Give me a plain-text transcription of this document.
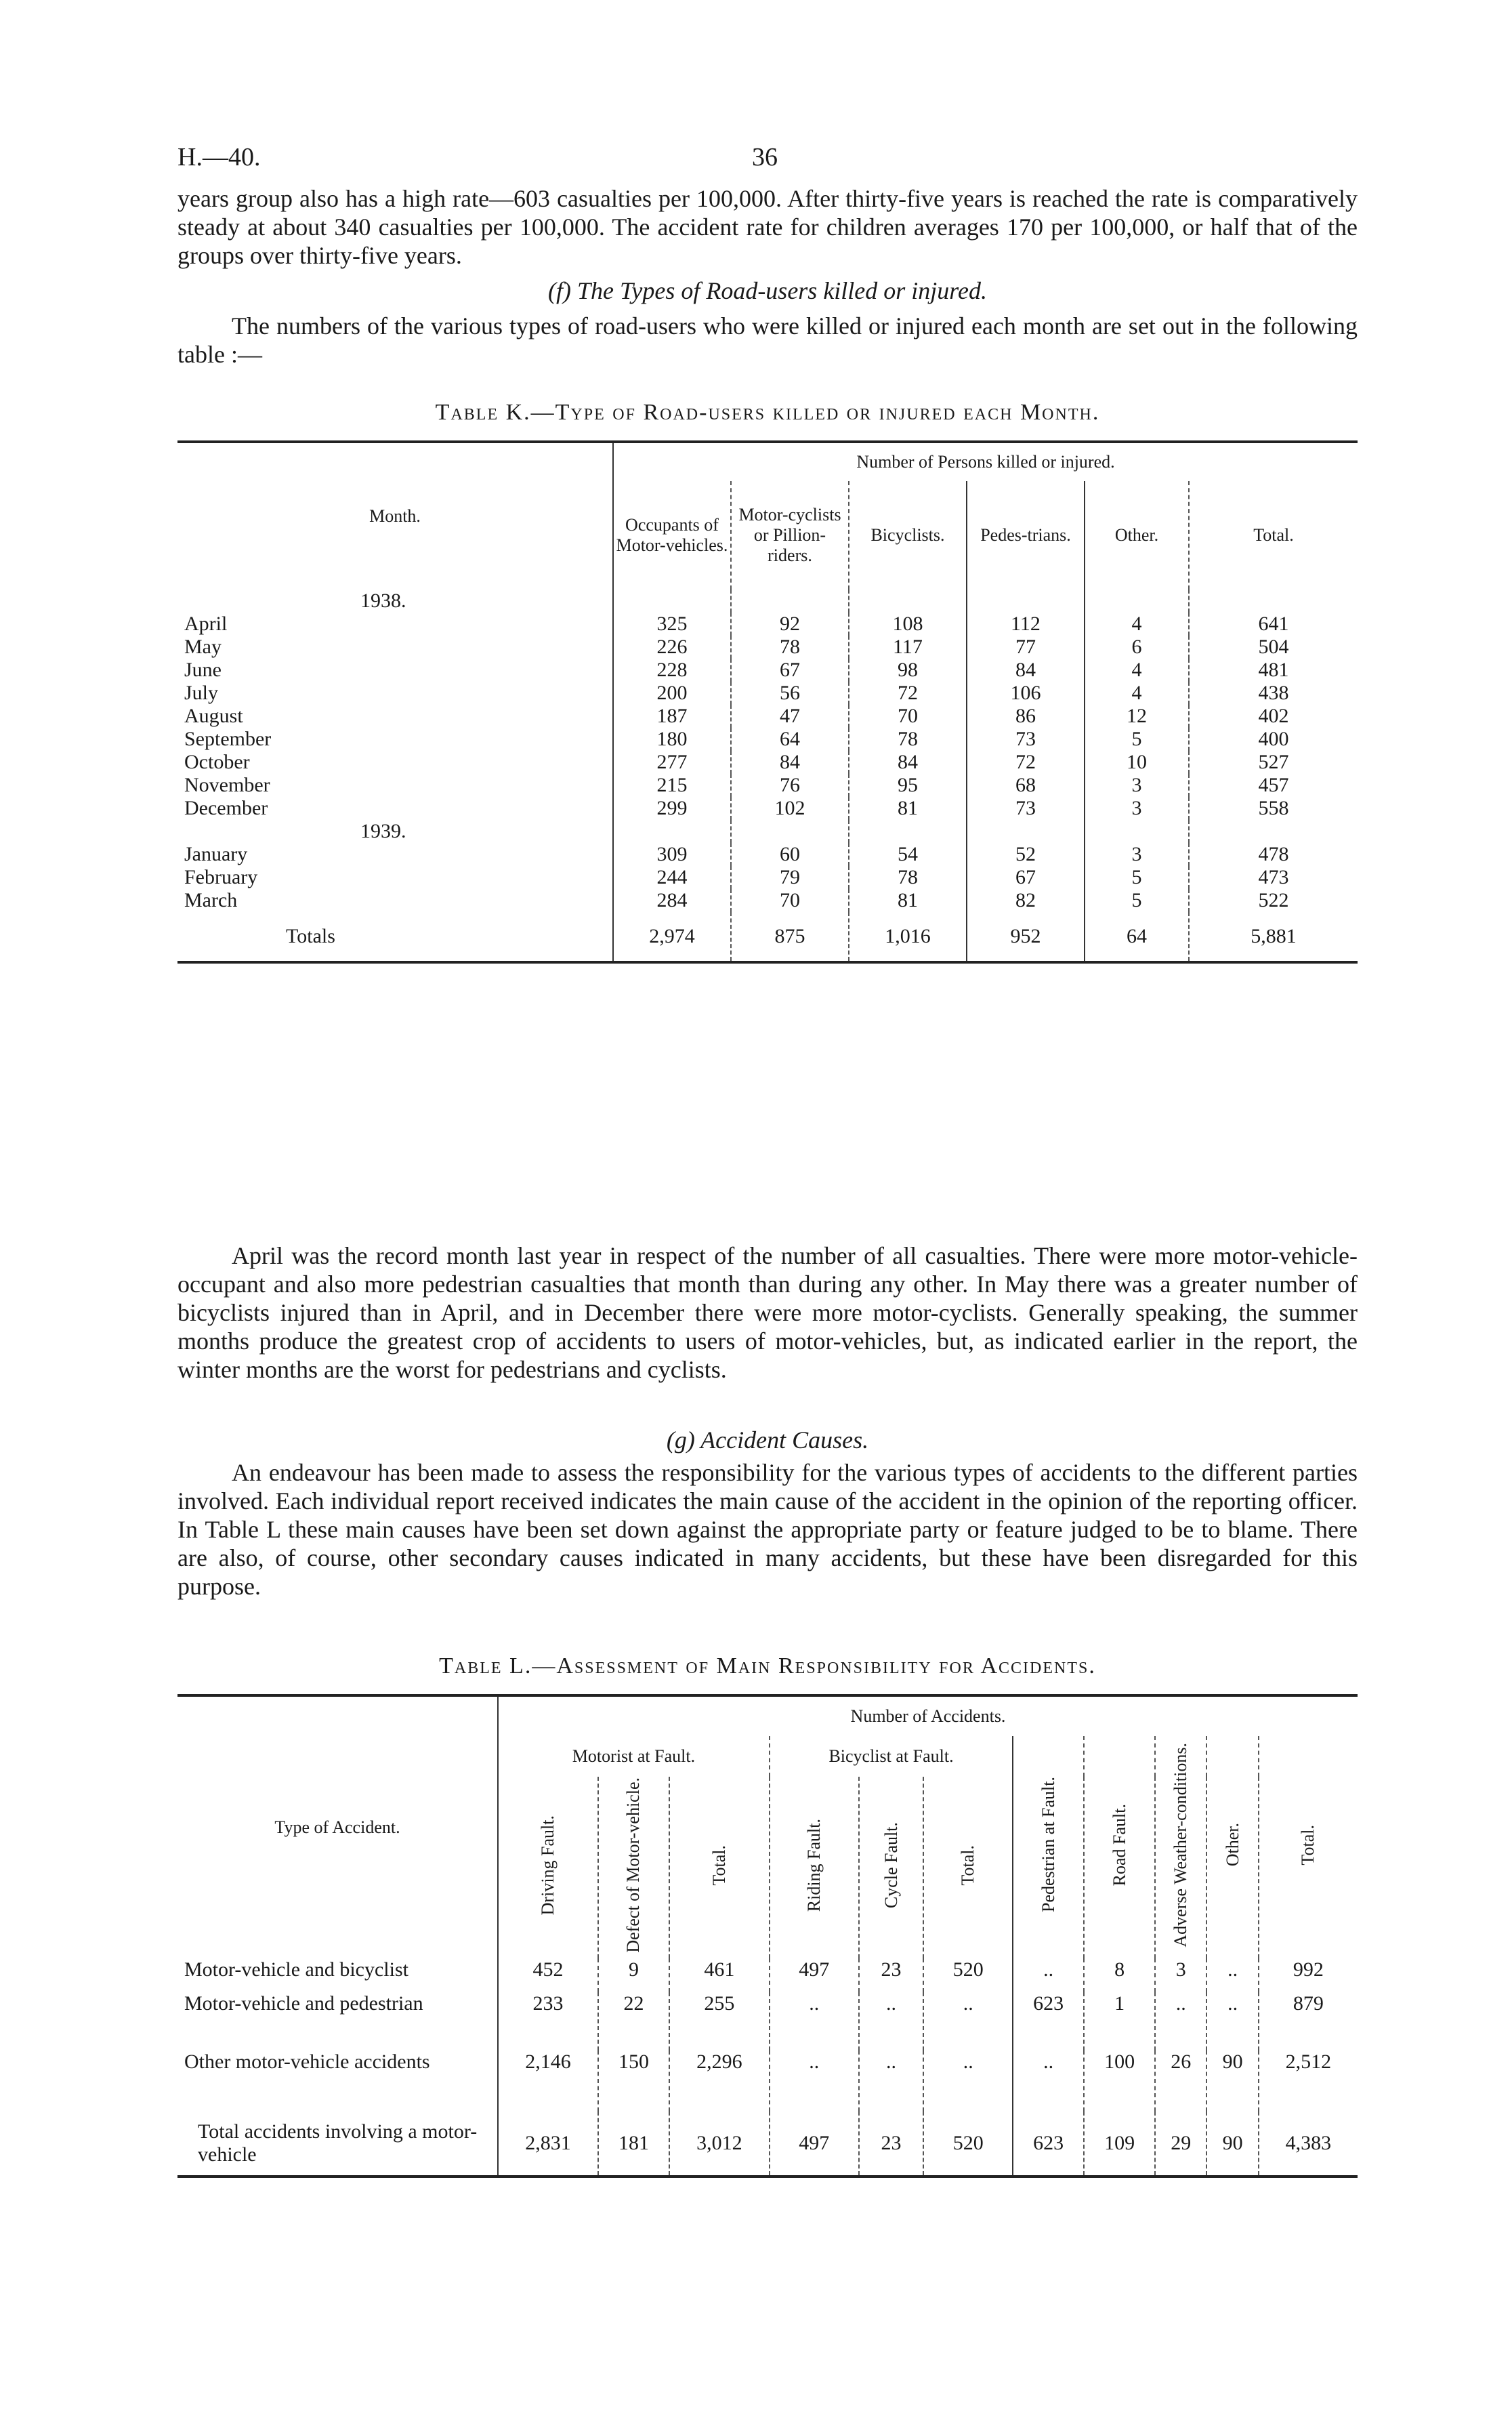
H.—40.	36

years group also has a high rate—603 casualties per 100,000. After thirty-five years is reached the rate is comparatively steady at about 340 casualties per 100,000. The accident rate for children averages 170 per 100,000, or half that of the groups over thirty-five years.

(f) The Types of Road-users killed or injured.

The numbers of the various types of road-users who were killed or injured each month are set out in the following table :—

Table K.—Type of Road-users killed or injured each Month.

Month.	Number of Persons killed or injured.					
	Occupants of Motor-vehicles.	Motor-cyclists or Pillion-riders.	Bicyclists.	Pedes-trians.	Other.	Total.
1938.						
April	325	92	108	112	4	641
May	226	78	117	77	6	504
June	228	67	98	84	4	481
July	200	56	72	106	4	438
August	187	47	70	86	12	402
September	180	64	78	73	5	400
October	277	84	84	72	10	527
November	215	76	95	68	3	457
December	299	102	81	73	3	558
1939.						
January	309	60	54	52	3	478
February	244	79	78	67	5	473
March	284	70	81	82	5	522
Totals	2,974	875	1,016	952	64	5,881

April was the record month last year in respect of the number of all casualties. There were more motor-vehicle-occupant and also more pedestrian casualties that month than during any other. In May there was a greater number of bicyclists injured than in April, and in December there were more motor-cyclists. Generally speaking, the summer months produce the greatest crop of accidents to users of motor-vehicles, but, as indicated earlier in the report, the winter months are the worst for pedestrians and cyclists.

(g) Accident Causes.

An endeavour has been made to assess the responsibility for the various types of accidents to the different parties involved. Each individual report received indicates the main cause of the accident in the opinion of the reporting officer. In Table L these main causes have been set down against the appropriate party or feature judged to be to blame. There are also, of course, other secondary causes indicated in many accidents, but these have been disregarded for this purpose.

Table L.—Assessment of Main Responsibility for Accidents.

Type of Accident.	Number of Accidents.										
	Motorist at Fault.			Bicyclist at Fault.			Pedestrian at Fault.	Road Fault.	Adverse Weather-conditions.	Other.	Total.
	Driving Fault.	Defect of Motor-vehicle.	Total.	Riding Fault.	Cycle Fault.	Total.					
Motor-vehicle and bicyclist	452	9	461	497	23	520	..	8	3	..	992
Motor-vehicle and pedestrian	233	22	255	..	..	..	623	1	..	..	879
Other motor-vehicle accidents	2,146	150	2,296	..	..	..	..	100	26	90	2,512
Total accidents involving a motor-vehicle	2,831	181	3,012	497	23	520	623	109	29	90	4,383
